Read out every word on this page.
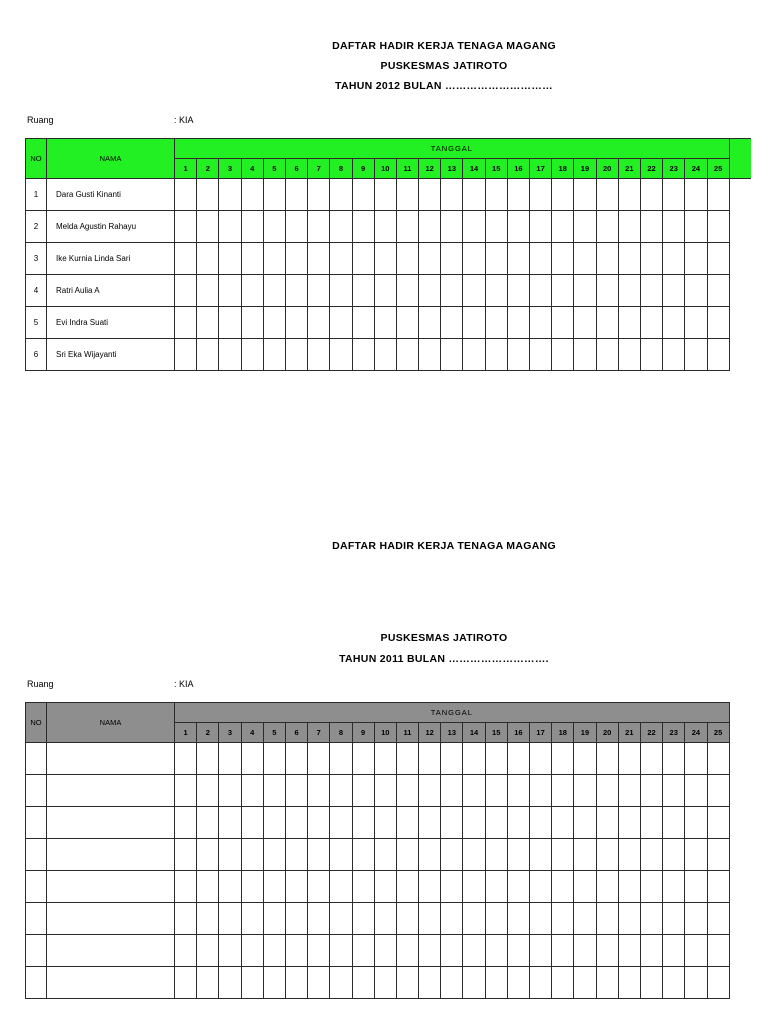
DAFTAR HADIR KERJA TENAGA MAGANG
PUSKESMAS JATIROTO
TAHUN 2012 BULAN …………………………
Ruang	: KIA
NO	NAMA	TANGGAL																									
		1	2	3	4	5	6	7	8	9	10	11	12	13	14	15	16	17	18	19	20	21	22	23	24	25	
1	Dara Gusti Kinanti																										
2	Melda Agustin Rahayu																										
3	Ike Kurnia Linda Sari																										
4	Ratri Aulia A																										
5	Evi Indra Suati																										
6	Sri Eka Wijayanti																										
DAFTAR HADIR KERJA TENAGA MAGANG
PUSKESMAS JATIROTO
TAHUN 2011 BULAN ……………………….
Ruang	: KIA
NO	NAMA	TANGGAL																									
		1	2	3	4	5	6	7	8	9	10	11	12	13	14	15	16	17	18	19	20	21	22	23	24	25	
